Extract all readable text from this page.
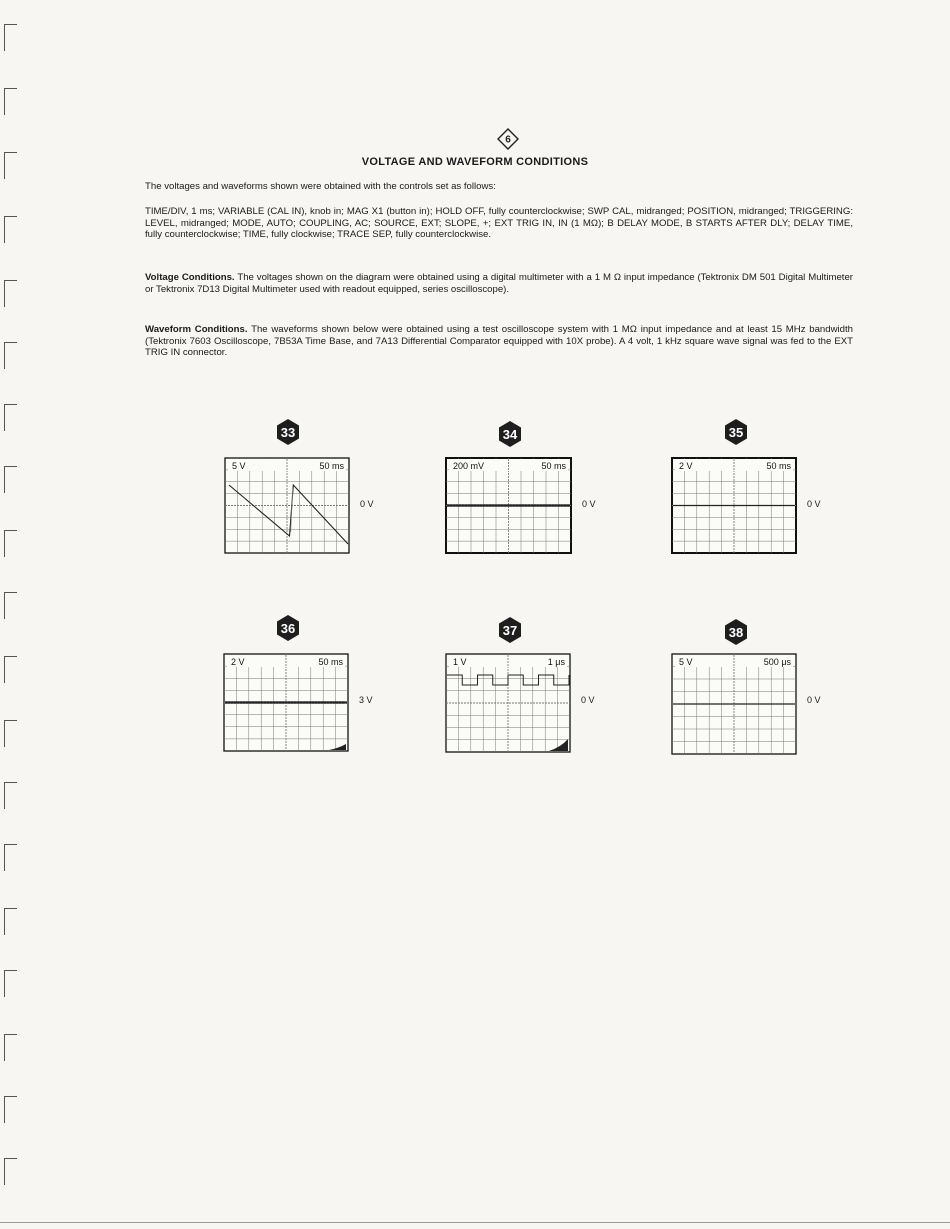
6
VOLTAGE AND WAVEFORM CONDITIONS

The voltages and waveforms shown were obtained with the controls set as follows:

TIME/DIV, 1 ms; VARIABLE (CAL IN), knob in; MAG X1 (button in); HOLD OFF, fully counterclockwise; SWP CAL, midranged; POSITION, midranged; TRIGGERING: LEVEL, midranged; MODE, AUTO; COUPLING, AC; SOURCE, EXT; SLOPE, +; EXT TRIG IN, IN (1 MΩ); B DELAY MODE, B STARTS AFTER DLY; DELAY TIME, fully counterclockwise; TIME, fully clockwise; TRACE SEP, fully counterclockwise.

Voltage Conditions. The voltages shown on the diagram were obtained using a digital multimeter with a 1 M Ω input impedance (Tektronix DM 501 Digital Multimeter or Tektronix 7D13 Digital Multimeter used with readout equipped, series oscilloscope).

Waveform Conditions. The waveforms shown below were obtained using a test oscilloscope system with 1 MΩ input impedance and at least 15 MHz bandwidth (Tektronix 7603 Oscilloscope, 7B53A Time Base, and 7A13 Differential Comparator equipped with 10X probe). A 4 volt, 1 kHz square wave signal was fed to the EXT TRIG IN connector.

33
5 V	50 ms
0 V
34
200 mV	50 ms
0 V
35
2 V	50 ms
0 V
36
2 V	50 ms
3 V
37
1 V	1 μs
0 V
38
5 V	500 μs
0 V
